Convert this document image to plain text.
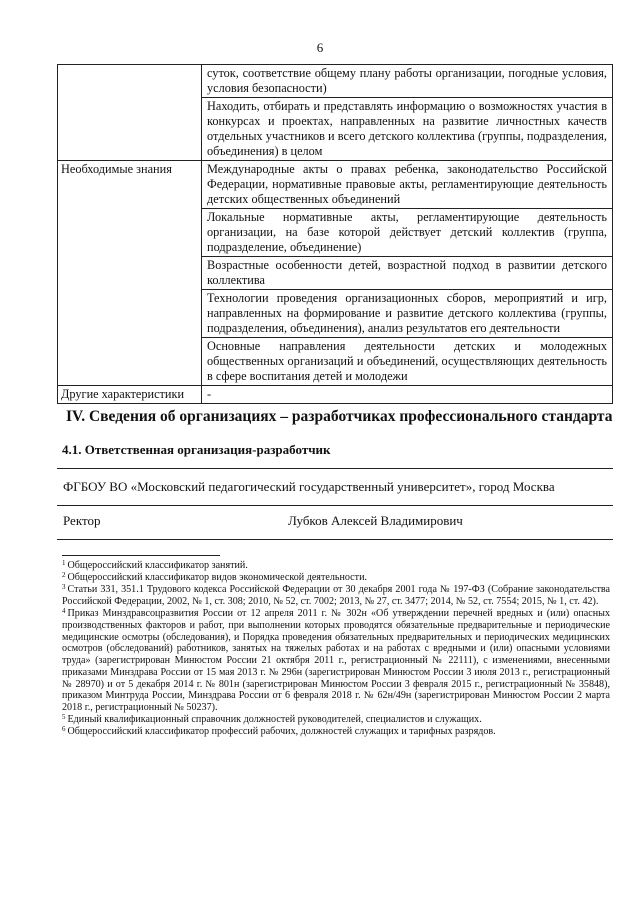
6
	суток, соответствие общему плану работы организации, погодные условия, условия безопасности)
	Находить, отбирать и представлять информацию о возможностях участия в конкурсах и проектах, направленных на развитие личностных качеств отдельных участников и всего детского коллектива (группы, подразделения, объединения) в целом
Необходимые знания	Международные акты о правах ребенка, законодательство Российской Федерации, нормативные правовые акты, регламентирующие деятельность детских общественных объединений
	Локальные нормативные акты, регламентирующие деятельность организации, на базе которой действует детский коллектив (группа, подразделение, объединение)
	Возрастные особенности детей, возрастной подход в развитии детского коллектива
	Технологии проведения организационных сборов, мероприятий и игр, направленных на формирование и развитие детского коллектива (группы, подразделения, объединения), анализ результатов его деятельности
	Основные направления деятельности детских и молодежных общественных организаций и объединений, осуществляющих деятельность в сфере воспитания детей и молодежи
Другие характеристики	-
IV. Сведения об организациях – разработчиках профессионального стандарта
4.1. Ответственная организация-разработчик
ФГБОУ ВО «Московский педагогический государственный университет», город Москва
Ректор	Лубков Алексей Владимирович

$^1$ Общероссийский классификатор занятий.

$^2$ Общероссийский классификатор видов экономической деятельности.

$^3$ Статьи 331, 351.1 Трудового кодекса Российской Федерации от 30 декабря 2001 года № 197-ФЗ (Собрание законодательства Российской Федерации, 2002, № 1, ст. 308; 2010, № 52, ст. 7002; 2013, № 27, ст. 3477; 2014, № 52, ст. 7554; 2015, № 1, ст. 42).

$^4$ Приказ Минздравсоцразвития России от 12 апреля 2011 г. № 302н «Об утверждении перечней вредных и (или) опасных производственных факторов и работ, при выполнении которых проводятся обязательные предварительные и периодические медицинские осмотры (обследования), и Порядка проведения обязательных предварительных и периодических медицинских осмотров (обследований) работников, занятых на тяжелых работах и на работах с вредными и (или) опасными условиями труда» (зарегистрирован Минюстом России 21 октября 2011 г., регистрационный № 22111), с изменениями, внесенными приказами Минздрава России от 15 мая 2013 г. № 296н (зарегистрирован Минюстом России 3 июля 2013 г., регистрационный № 28970) и от 5 декабря 2014 г. № 801н (зарегистрирован Минюстом России 3 февраля 2015 г., регистрационный № 35848), приказом Минтруда России, Минздрава России от 6 февраля 2018 г. № 62н/49н (зарегистрирован Минюстом России 2 марта 2018 г., регистрационный № 50237).

$^5$ Единый квалификационный справочник должностей руководителей, специалистов и служащих.

$^6$ Общероссийский классификатор профессий рабочих, должностей служащих и тарифных разрядов.
